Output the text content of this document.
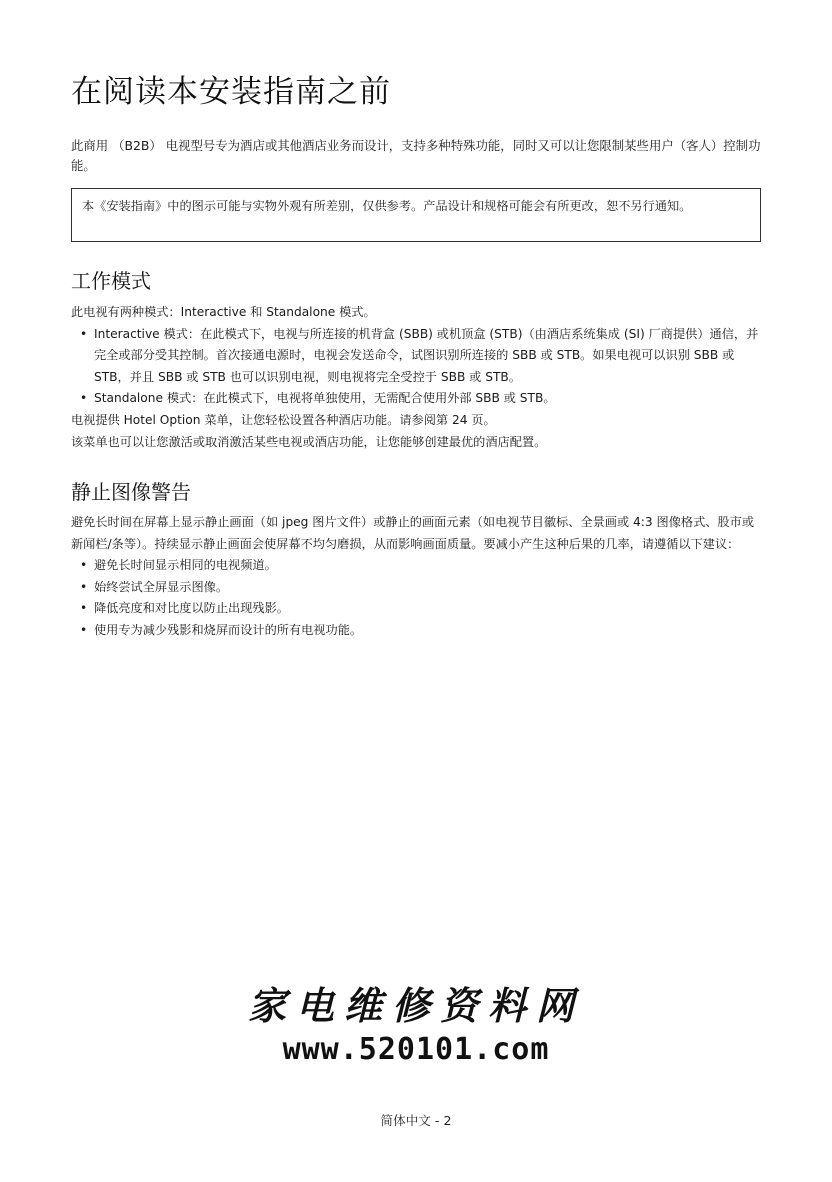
在阅读本安装指南之前

此商用 （B2B） 电视型号专为酒店或其他酒店业务而设计，支持多种特殊功能，同时又可以让您限制某些用户（客人）控制功能。

本《安装指南》中的图示可能与实物外观有所差别，仅供参考。产品设计和规格可能会有所更改，恕不另行通知。
工作模式

此电视有两种模式：Interactive 和 Standalone 模式。

• Interactive 模式：在此模式下，电视与所连接的机背盒 (SBB) 或机顶盒 (STB)（由酒店系统集成 (SI) 厂商提供）通信，并完全或部分受其控制。首次接通电源时，电视会发送命令，试图识别所连接的 SBB 或 STB。如果电视可以识别 SBB 或 STB，并且 SBB 或 STB 也可以识别电视，则电视将完全受控于 SBB 或 STB。
• Standalone 模式：在此模式下，电视将单独使用，无需配合使用外部 SBB 或 STB。

电视提供 Hotel Option 菜单，让您轻松设置各种酒店功能。请参阅第 24 页。

该菜单也可以让您激活或取消激活某些电视或酒店功能，让您能够创建最优的酒店配置。

静止图像警告

避免长时间在屏幕上显示静止画面（如 jpeg 图片文件）或静止的画面元素（如电视节目徽标、全景画或 4:3 图像格式、股市或新闻栏/条等）。持续显示静止画面会使屏幕不均匀磨损，从而影响画面质量。要减小产生这种后果的几率，请遵循以下建议：

• 避免长时间显示相同的电视频道。
• 始终尝试全屏显示图像。
• 降低亮度和对比度以防止出现残影。
• 使用专为减少残影和烧屏而设计的所有电视功能。
家电维修资料网
www.520101.com
简体中文 - 2
